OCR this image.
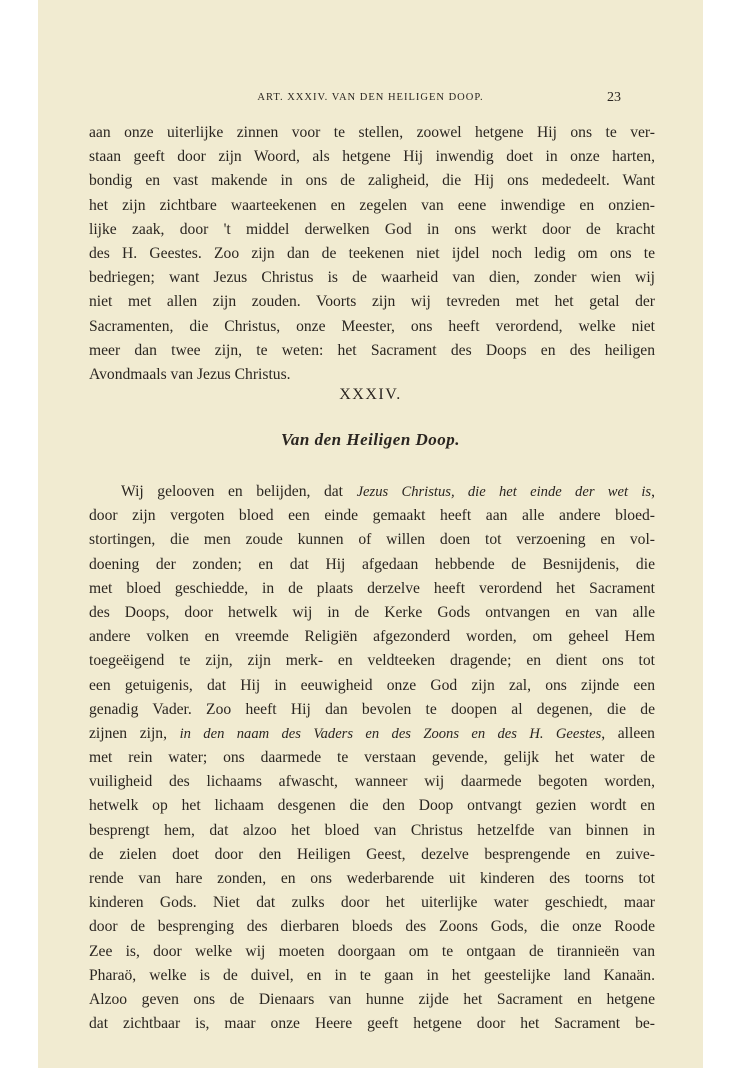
ART. XXXIV. VAN DEN HEILIGEN DOOP.	23
aan onze uiterlijke zinnen voor te stellen, zoowel hetgene Hij ons te ver-
staan geeft door zijn Woord, als hetgene Hij inwendig doet in onze harten,
bondig en vast makende in ons de zaligheid, die Hij ons mededeelt. Want
het zijn zichtbare waarteekenen en zegelen van eene inwendige en onzien-
lijke zaak, door 't middel derwelken God in ons werkt door de kracht
des H. Geestes. Zoo zijn dan de teekenen niet ijdel noch ledig om ons te
bedriegen; want Jezus Christus is de waarheid van dien, zonder wien wij
niet met allen zijn zouden. Voorts zijn wij tevreden met het getal der
Sacramenten, die Christus, onze Meester, ons heeft verordend, welke niet
meer dan twee zijn, te weten: het Sacrament des Doops en des heiligen
Avondmaals van Jezus Christus.
XXXIV.
Van den Heiligen Doop.
Wij gelooven en belijden, dat Jezus Christus, die het einde der wet is,
door zijn vergoten bloed een einde gemaakt heeft aan alle andere bloed-
stortingen, die men zoude kunnen of willen doen tot verzoening en vol-
doening der zonden; en dat Hij afgedaan hebbende de Besnijdenis, die
met bloed geschiedde, in de plaats derzelve heeft verordend het Sacrament
des Doops, door hetwelk wij in de Kerke Gods ontvangen en van alle
andere volken en vreemde Religiën afgezonderd worden, om geheel Hem
toegeëigend te zijn, zijn merk- en veldteeken dragende; en dient ons tot
een getuigenis, dat Hij in eeuwigheid onze God zijn zal, ons zijnde een
genadig Vader. Zoo heeft Hij dan bevolen te doopen al degenen, die de
zijnen zijn, in den naam des Vaders en des Zoons en des H. Geestes, alleen
met rein water; ons daarmede te verstaan gevende, gelijk het water de
vuiligheid des lichaams afwascht, wanneer wij daarmede begoten worden,
hetwelk op het lichaam desgenen die den Doop ontvangt gezien wordt en
besprengt hem, dat alzoo het bloed van Christus hetzelfde van binnen in
de zielen doet door den Heiligen Geest, dezelve besprengende en zuive-
rende van hare zonden, en ons wederbarende uit kinderen des toorns tot
kinderen Gods. Niet dat zulks door het uiterlijke water geschiedt, maar
door de besprenging des dierbaren bloeds des Zoons Gods, die onze Roode
Zee is, door welke wij moeten doorgaan om te ontgaan de tirannieën van
Pharaö, welke is de duivel, en in te gaan in het geestelijke land Kanaän.
Alzoo geven ons de Dienaars van hunne zijde het Sacrament en hetgene
dat zichtbaar is, maar onze Heere geeft hetgene door het Sacrament be-
